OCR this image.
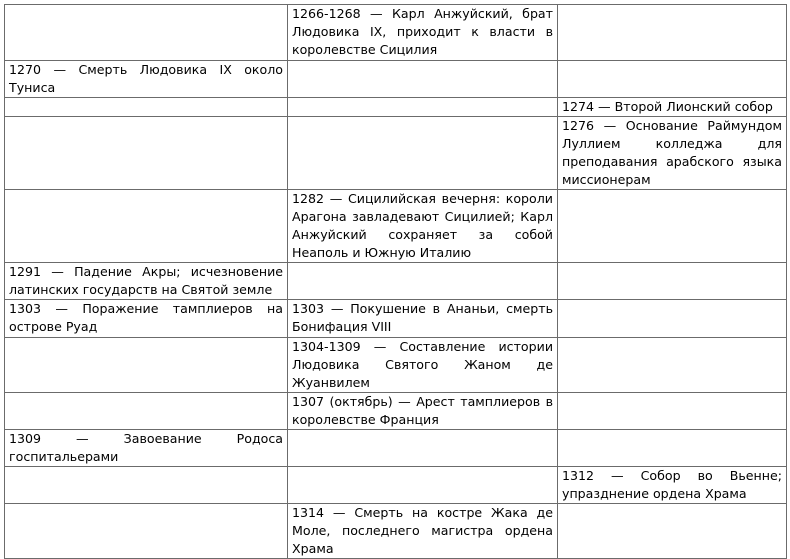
	1266-1268 — Карл Анжуйский, брат Людовика IX, приходит к власти в королевстве Сицилия	
1270 — Смерть Людовика IX около Туниса		
		1274 — Второй Лионский собор
		1276 — Основание Раймундом Луллием колледжа для преподавания арабского языка миссионерам
	1282 — Сицилийская вечерня: короли Арагона завладевают Сицилией; Карл Анжуйский сохраняет за собой Неаполь и Южную Италию	
1291 — Падение Акры; исчезновение латинских государств на Святой земле		
1303 — Поражение тамплиеров на острове Руад	1303 — Покушение в Ананьи, смерть Бонифация VIII	
	1304-1309 — Составление истории Людовика Святого Жаном де Жуанвилем	
	1307 (октябрь) — Арест тамплиеров в королевстве Франция	
1309 — Завоевание Родоса госпитальерами		
		1312 — Собор во Вьенне; упразднение ордена Храма
	1314 — Смерть на костре Жака де Моле, последнего магистра ордена Храма	
